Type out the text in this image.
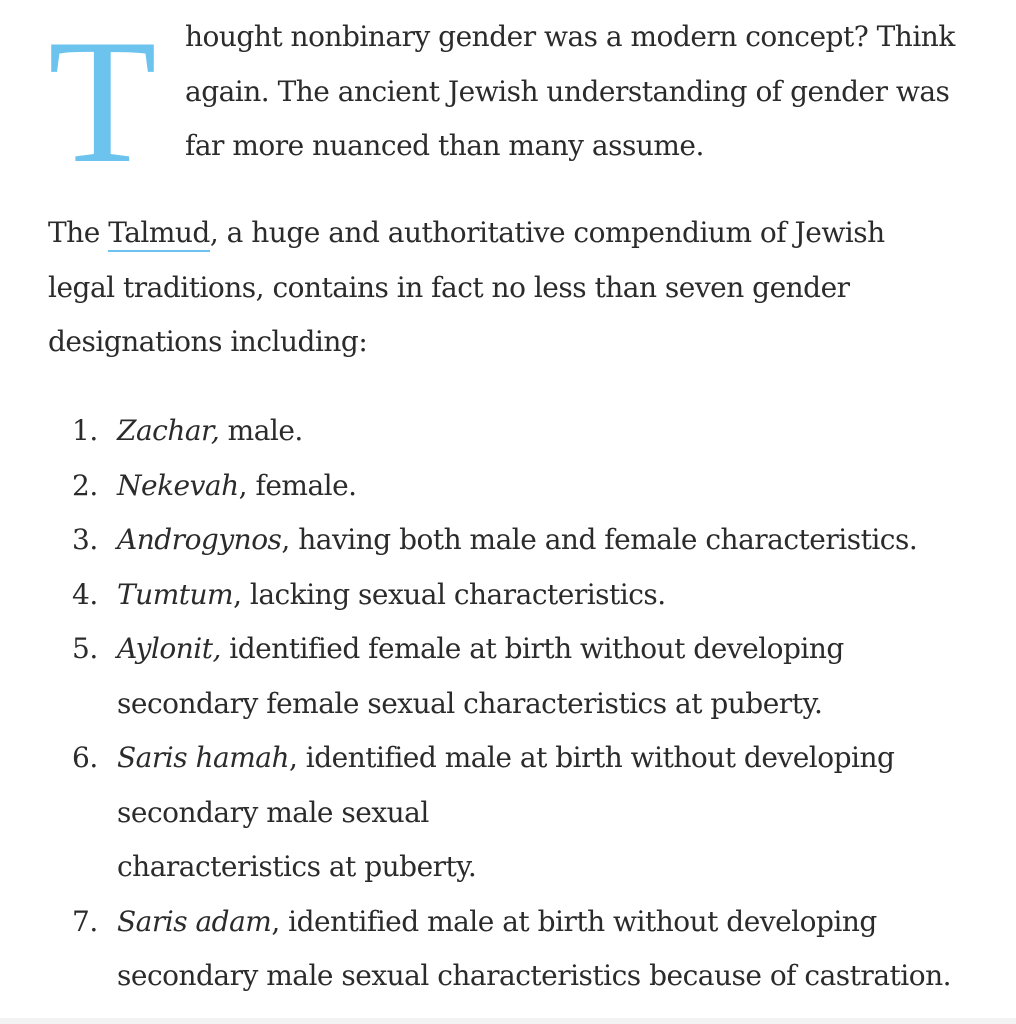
T hought nonbinary gender was a modern concept? Think again. The ancient Jewish understanding of gender was far more nuanced than many assume.

The Talmud, a huge and authoritative compendium of Jewish legal traditions, contains in fact no less than seven gender designations including:

1. Zachar, male.
2. Nekevah, female.
3. Androgynos, having both male and female characteristics.
4. Tumtum, lacking sexual characteristics.
5. Aylonit, identified female at birth without developing secondary female sexual characteristics at puberty.
6. Saris hamah, identified male at birth without developing secondary male sexual
characteristics at puberty.
7. Saris adam, identified male at birth without developing secondary male sexual characteristics because of castration.
